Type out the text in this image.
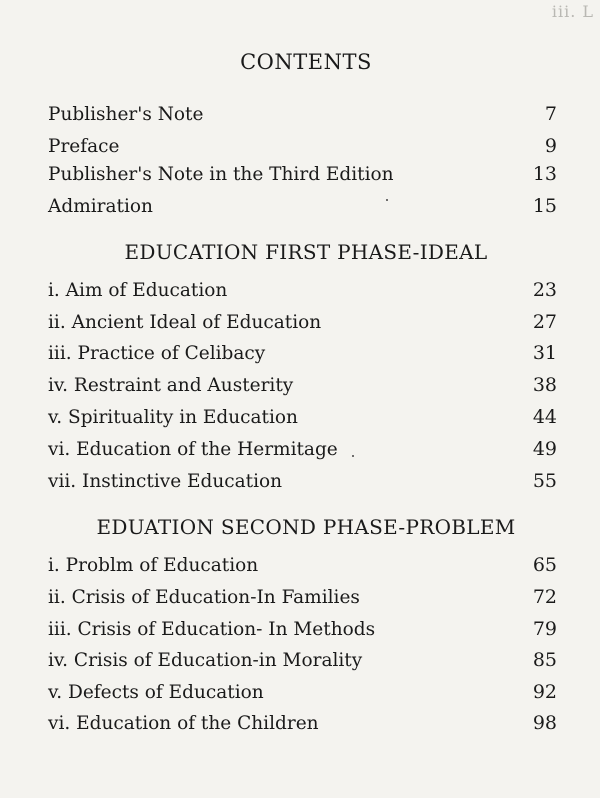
iii. L
CONTENTS
Publisher's Note	7
Preface	9
Publisher's Note in the Third Edition	13
Admiration	15
EDUCATION FIRST PHASE-IDEAL
i. Aim of Education	23
ii. Ancient Ideal of Education	27
iii. Practice of Celibacy	31
iv. Restraint and Austerity	38
v. Spirituality in Education	44
vi. Education of the Hermitage	49
vii. Instinctive Education	55
EDUATION SECOND PHASE-PROBLEM
i. Problm of Education	65
ii. Crisis of Education-In Families	72
iii. Crisis of Education- In Methods	79
iv. Crisis of Education-in Morality	85
v. Defects of Education	92
vi. Education of the Children	98
